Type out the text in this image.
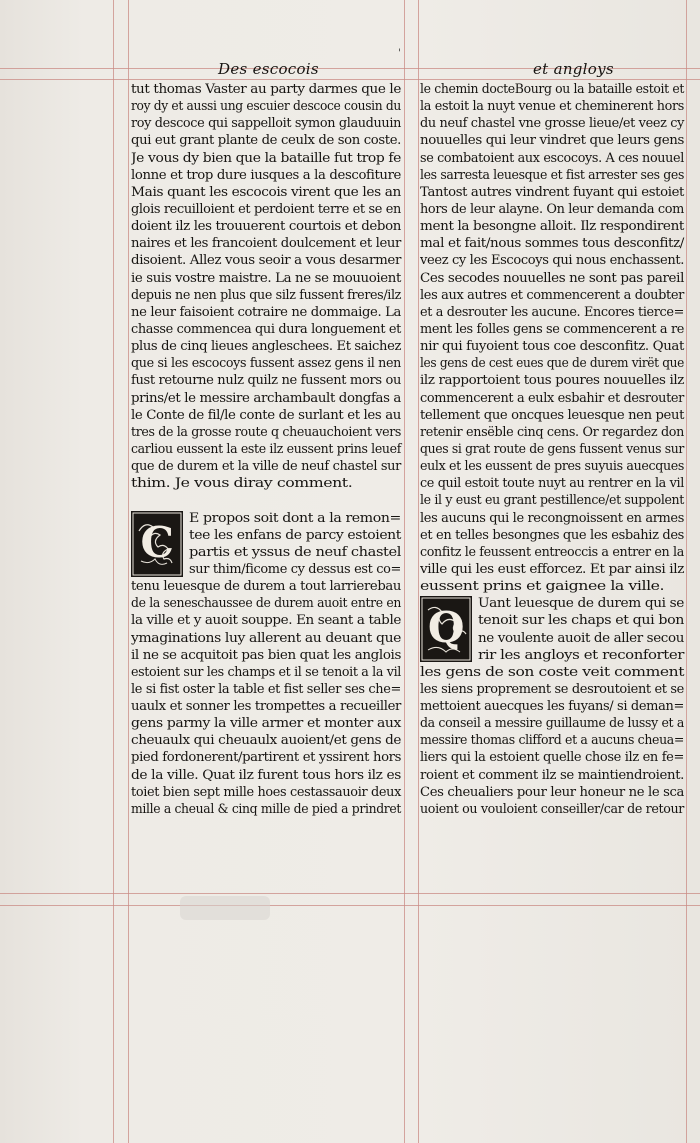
Des escocois
'
et angloys
tut thomas Vaster au party darmes que le
roy dy et aussi ung escuier descoce cousin du
roy descoce qui sappelloit symon glauduuin
qui eut grant plante de ceulx de son coste.
Je vous dy bien que la bataille fut trop fe
lonne et trop dure iusques a la descofiture
Mais quant les escocois virent que les an
glois recuilloient et perdoient terre et se en
doient ilz les trouuerent courtois et debon
naires et les francoient doulcement et leur
disoient. Allez vous seoir a vous desarmer
ie suis vostre maistre. La ne se mouuoient
depuis ne nen plus que silz fussent freres/ilz
ne leur faisoient cotraire ne dommaige. La
chasse commencea qui dura longuement et
plus de cinq lieues angleschees. Et saichez
que si les escocoys fussent assez gens il nen
fust retourne nulz quilz ne fussent mors ou
prins/et le messire archambault dongfas a
le Conte de fil/le conte de surlant et les au
tres de la grosse route q cheuauchoient vers
carliou eussent la este ilz eussent prins leuef
que de durem et la ville de neuf chastel sur
thim. Je vous diray comment.
C
E propos soit dont a la remon=
tee les enfans de parcy estoient
partis et yssus de neuf chastel
sur thim/ficome cy dessus est co=
tenu leuesque de durem a tout larrierebau
de la seneschaussee de durem auoit entre en
la ville et y auoit souppe. En seant a table
ymaginations luy allerent au deuant que
il ne se acquitoit pas bien quat les anglois
estoient sur les champs et il se tenoit a la vil
le si fist oster la table et fist seller ses che=
uaulx et sonner les trompettes a recueiller
gens parmy la ville armer et monter aux
cheuaulx qui cheuaulx auoient/et gens de
pied fordonerent/partirent et yssirent hors
de la ville. Quat ilz furent tous hors ilz es
toiet bien sept mille hoes cestassauoir deux
mille a cheual & cinq mille de pied a prindret
le chemin docteBourg ou la bataille estoit et
la estoit la nuyt venue et cheminerent hors
du neuf chastel vne grosse lieue/et veez cy
nouuelles qui leur vindret que leurs gens
se combatoient aux escocoys. A ces nouuel
les sarresta leuesque et fist arrester ses ges
Tantost autres vindrent fuyant qui estoiet
hors de leur alayne. On leur demanda com
ment la besongne alloit. Ilz respondirent
mal et fait/nous sommes tous desconfitz/
veez cy les Escocoys qui nous enchassent.
Ces secodes nouuelles ne sont pas pareil
les aux autres et commencerent a doubter
et a desrouter les aucune. Encores tierce=
ment les folles gens se commencerent a re
nir qui fuyoient tous coe desconfitz. Quat
les gens de cest eues que de durem virët que
ilz rapportoient tous poures nouuelles ilz
commencerent a eulx esbahir et desrouter
tellement que oncques leuesque nen peut
retenir ensëble cinq cens. Or regardez don
ques si grat route de gens fussent venus sur
eulx et les eussent de pres suyuis auecques
ce quil estoit toute nuyt au rentrer en la vil
le il y eust eu grant pestillence/et suppolent
les aucuns qui le recongnoissent en armes
et en telles besongnes que les esbahiz des
confitz le feussent entreoccis a entrer en la
ville qui les eust efforcez. Et par ainsi ilz
eussent prins et gaignee la ville.
Q
Uant leuesque de durem qui se
tenoit sur les chaps et qui bon
ne voulente auoit de aller secou
rir les angloys et reconforter
les gens de son coste veit comment
les siens proprement se desroutoient et se
mettoient auecques les fuyans/ si deman=
da conseil a messire guillaume de lussy et a
messire thomas clifford et a aucuns cheua=
liers qui la estoient quelle chose ilz en fe=
roient et comment ilz se maintiendroient.
Ces cheualiers pour leur honeur ne le sca
uoient ou vouloient conseiller/car de retour
